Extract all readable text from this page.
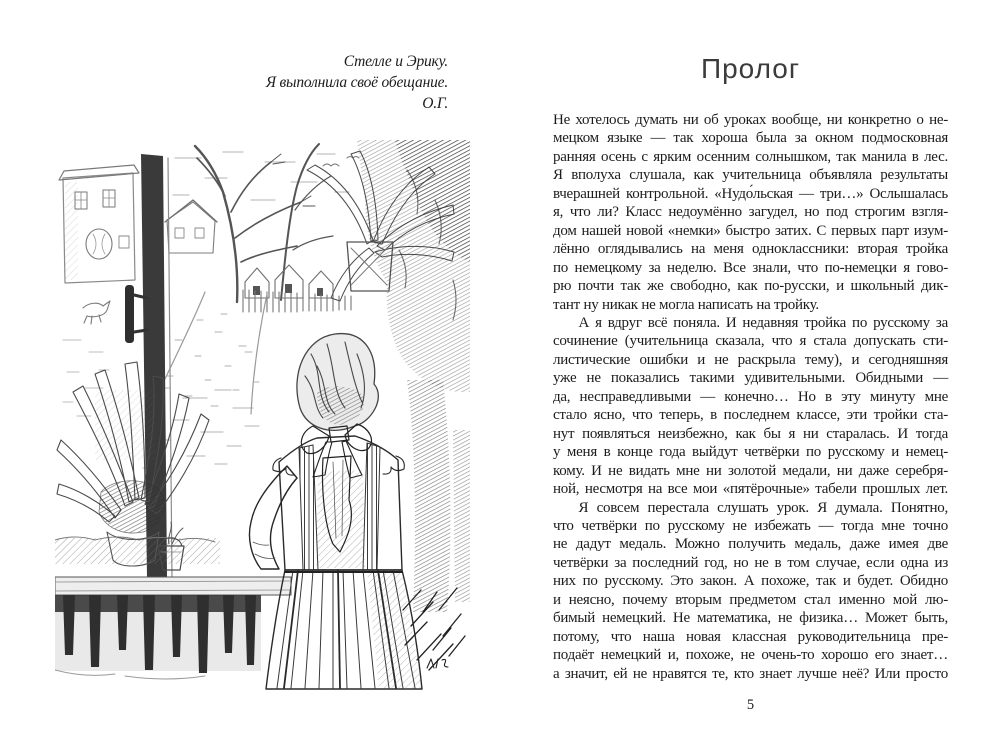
Стелле и Эрику.
Я выполнила своё обещание.
О.Г.
Пролог
Не хотелось думать ни об уроках вообще, ни конкретно о не-
мецком языке — так хороша была за окном подмосковная
ранняя осень с ярким осенним солнышком, так манила в лес.
Я вполуха слушала, как учительница объявляла результаты
вчерашней контрольной. «Нудо́льская — три…» Ослышалась
я, что ли? Класс недоумённо загудел, но под строгим взгля-
дом нашей новой «немки» быстро затих. С первых парт изум-
лённо оглядывались на меня одноклассники: вторая тройка
по немецкому за неделю. Все знали, что по-немецки я гово-
рю почти так же свободно, как по-русски, и школьный дик-
тант ну никак не могла написать на тройку.
А я вдруг всё поняла. И недавняя тройка по русскому за
сочинение (учительница сказала, что я стала допускать сти-
листические ошибки и не раскрыла тему), и сегодняшняя
уже не показались такими удивительными. Обидными —
да, несправедливыми — конечно… Но в эту минуту мне
стало ясно, что теперь, в последнем классе, эти тройки ста-
нут появляться неизбежно, как бы я ни старалась. И тогда
у меня в конце года выйдут четвёрки по русскому и немец-
кому. И не видать мне ни золотой медали, ни даже серебря-
ной, несмотря на все мои «пятёрочные» табели прошлых лет.
Я совсем перестала слушать урок. Я думала. Понятно,
что четвёрки по русскому не избежать — тогда мне точно
не дадут медаль. Можно получить медаль, даже имея две
четвёрки за последний год, но не в том случае, если одна из
них по русскому. Это закон. А похоже, так и будет. Обидно
и неясно, почему вторым предметом стал именно мой лю-
бимый немецкий. Не математика, не физика… Может быть,
потому, что наша новая классная руководительница пре-
подаёт немецкий и, похоже, не очень-то хорошо его знает…
а значит, ей не нравятся те, кто знает лучше неё? Или просто
5
